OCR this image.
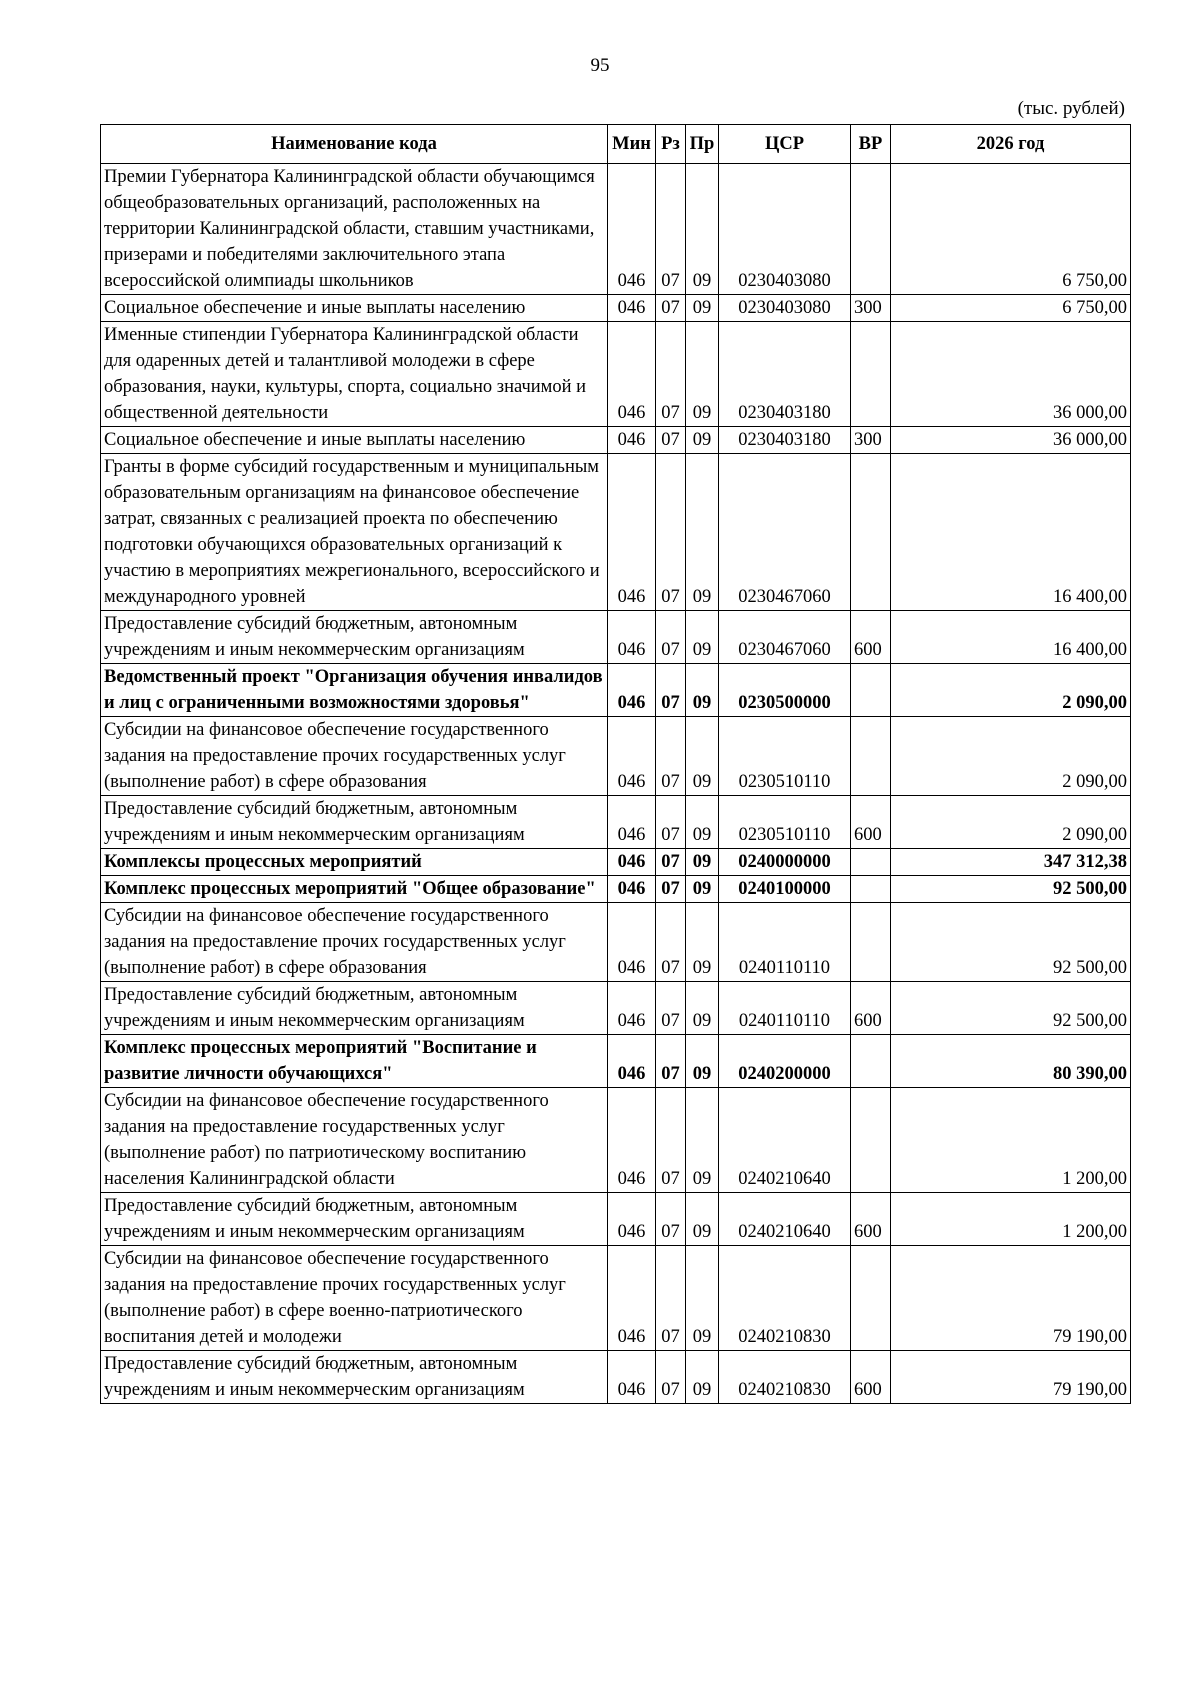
95
(тыс. рублей)
Наименование кода	Мин	Рз	Пр	ЦСР	ВР	2026 год
Премии Губернатора Калининградской области обучающимся общеобразовательных организаций, расположенных на территории Калининградской области, ставшим участниками, призерами и победителями заключительного этапа всероссийской олимпиады школьников	046	07	09	0230403080		6 750,00
Социальное обеспечение и иные выплаты населению	046	07	09	0230403080	300	6 750,00
Именные стипендии Губернатора Калининградской области для одаренных детей и талантливой молодежи в сфере образования, науки, культуры, спорта, социально значимой и общественной деятельности	046	07	09	0230403180		36 000,00
Социальное обеспечение и иные выплаты населению	046	07	09	0230403180	300	36 000,00
Гранты в форме субсидий государственным и муниципальным образовательным организациям на финансовое обеспечение затрат, связанных с реализацией проекта по обеспечению подготовки обучающихся образовательных организаций к участию в мероприятиях межрегионального, всероссийского и международного уровней	046	07	09	0230467060		16 400,00
Предоставление субсидий бюджетным, автономным учреждениям и иным некоммерческим организациям	046	07	09	0230467060	600	16 400,00
Ведомственный проект "Организация обучения инвалидов и лиц с ограниченными возможностями здоровья"	046	07	09	0230500000		2 090,00
Субсидии на финансовое обеспечение государственного задания на предоставление прочих государственных услуг (выполнение работ) в сфере образования	046	07	09	0230510110		2 090,00
Предоставление субсидий бюджетным, автономным учреждениям и иным некоммерческим организациям	046	07	09	0230510110	600	2 090,00
Комплексы процессных мероприятий	046	07	09	0240000000		347 312,38
Комплекс процессных мероприятий "Общее образование"	046	07	09	0240100000		92 500,00
Субсидии на финансовое обеспечение государственного задания на предоставление прочих государственных услуг (выполнение работ) в сфере образования	046	07	09	0240110110		92 500,00
Предоставление субсидий бюджетным, автономным учреждениям и иным некоммерческим организациям	046	07	09	0240110110	600	92 500,00
Комплекс процессных мероприятий "Воспитание и развитие личности обучающихся"	046	07	09	0240200000		80 390,00
Субсидии на финансовое обеспечение государственного задания на предоставление государственных услуг (выполнение работ) по патриотическому воспитанию населения Калининградской области	046	07	09	0240210640		1 200,00
Предоставление субсидий бюджетным, автономным учреждениям и иным некоммерческим организациям	046	07	09	0240210640	600	1 200,00
Субсидии на финансовое обеспечение государственного задания на предоставление прочих государственных услуг (выполнение работ) в сфере военно-патриотического воспитания детей и молодежи	046	07	09	0240210830		79 190,00
Предоставление субсидий бюджетным, автономным учреждениям и иным некоммерческим организациям	046	07	09	0240210830	600	79 190,00
